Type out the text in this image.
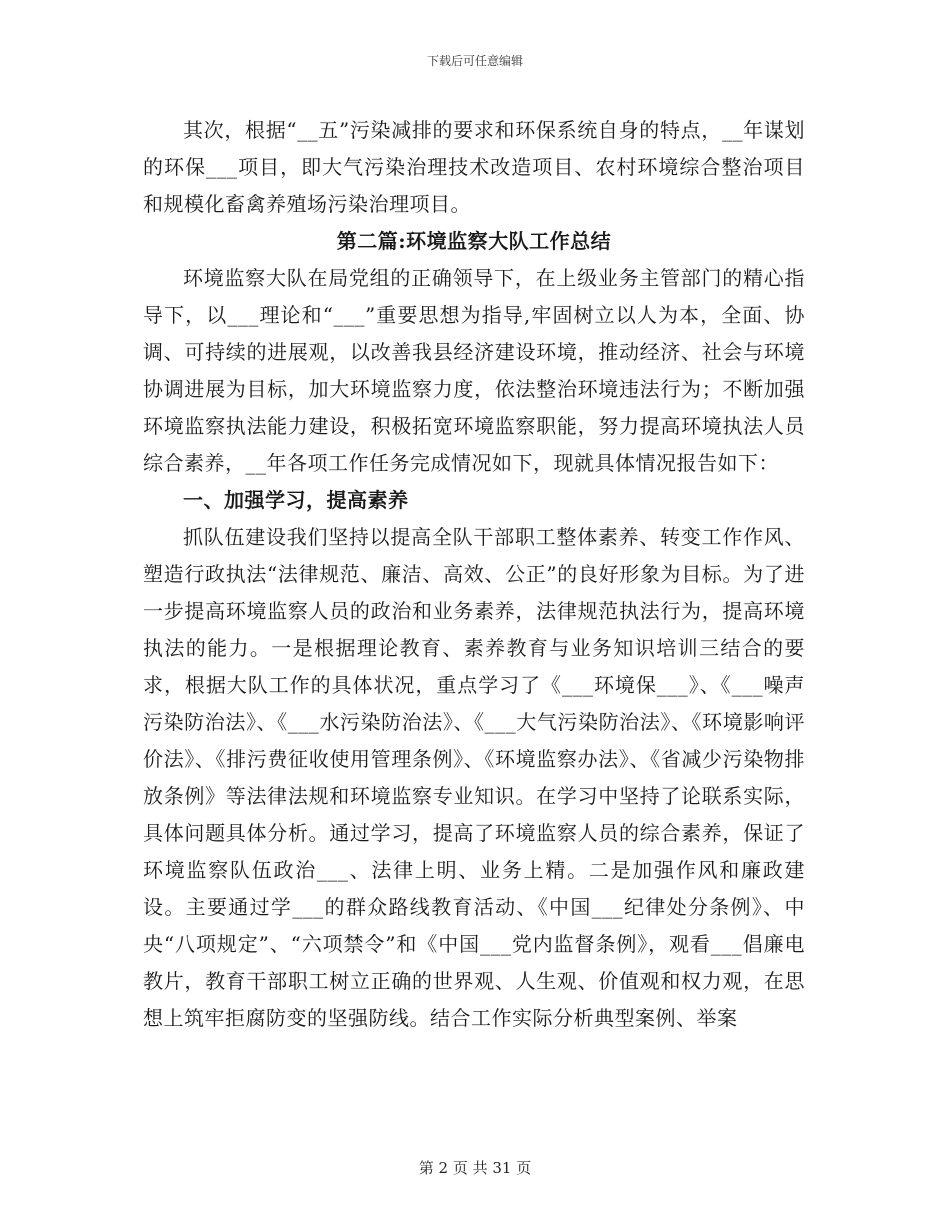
下载后可任意编辑

其次，根据“__五”污染减排的要求和环保系统自身的特点，__年谋划的环保___项目，即大气污染治理技术改造项目、农村环境综合整治项目和规模化畜禽养殖场污染治理项目。

第二篇:环境监察大队工作总结

环境监察大队在局党组的正确领导下，在上级业务主管部门的精心指导下，以___理论和“___”重要思想为指导,牢固树立以人为本，全面、协调、可持续的进展观，以改善我县经济建设环境，推动经济、社会与环境协调进展为目标，加大环境监察力度，依法整治环境违法行为；不断加强环境监察执法能力建设，积极拓宽环境监察职能，努力提高环境执法人员综合素养，__年各项工作任务完成情况如下，现就具体情况报告如下：

一、加强学习，提高素养

抓队伍建设我们坚持以提高全队干部职工整体素养、转变工作作风、塑造行政执法“法律规范、廉洁、高效、公正”的良好形象为目标。为了进一步提高环境监察人员的政治和业务素养，法律规范执法行为，提高环境执法的能力。一是根据理论教育、素养教育与业务知识培训三结合的要求，根据大队工作的具体状况，重点学习了《___环境保___》、《___噪声污染防治法》、《___水污染防治法》、《___大气污染防治法》、《环境影响评价法》、《排污费征收使用管理条例》、《环境监察办法》、《省减少污染物排放条例》等法律法规和环境监察专业知识。在学习中坚持了论联系实际，具体问题具体分析。通过学习，提高了环境监察人员的综合素养，保证了环境监察队伍政治___、法律上明、业务上精。二是加强作风和廉政建设。主要通过学___的群众路线教育活动、《中国___纪律处分条例》、中央“八项规定”、“六项禁令”和《中国___党内监督条例》，观看___倡廉电教片，教育干部职工树立正确的世界观、人生观、价值观和权力观，在思想上筑牢拒腐防变的坚强防线。结合工作实际分析典型案例、举案

第 2 页 共 31 页
